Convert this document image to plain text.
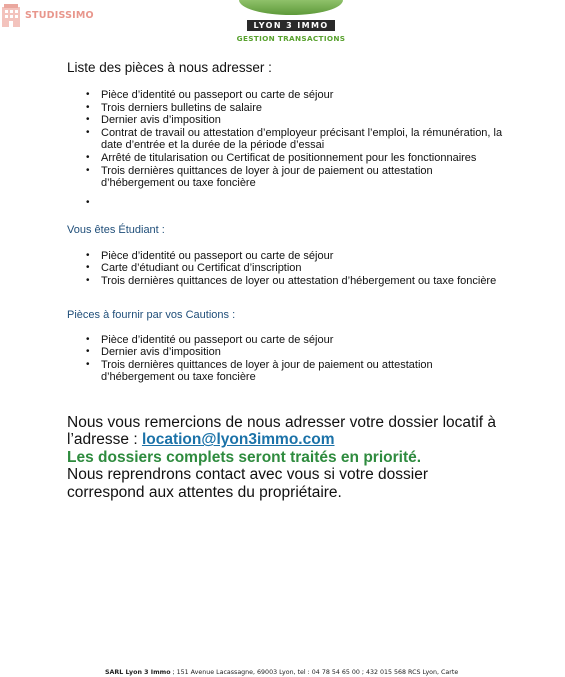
STUDISSIMO
LYON 3 IMMO
GESTION TRANSACTIONS

Liste des pièces à nous adresser :

• Pièce d’identité ou passeport ou carte de séjour
• Trois derniers bulletins de salaire
• Dernier avis d’imposition
• Contrat de travail ou attestation d’employeur précisant l’emploi, la rémunération, la date d’entrée et la durée de la période d’essai
• Arrêté de titularisation ou Certificat de positionnement pour les fonctionnaires
• Trois dernières quittances de loyer à jour de paiement ou attestation d’hébergement ou taxe foncière
•

Vous êtes Étudiant :

• Pièce d’identité ou passeport ou carte de séjour
• Carte d’étudiant ou Certificat d’inscription
• Trois dernières quittances de loyer ou attestation d’hébergement ou taxe foncière

Pièces à fournir par vos Cautions :

• Pièce d’identité ou passeport ou carte de séjour
• Dernier avis d’imposition
• Trois dernières quittances de loyer à jour de paiement ou attestation d’hébergement ou taxe foncière

Nous vous remercions de nous adresser votre dossier locatif à l’adresse : location@lyon3immo.com

Les dossiers complets seront traités en priorité.

Nous reprendrons contact avec vous si votre dossier correspond aux attentes du propriétaire.

SARL Lyon 3 Immo ; 151 Avenue Lacassagne, 69003 Lyon, tel : 04 78 54 65 00 ; 432 015 568 RCS Lyon, Carte
